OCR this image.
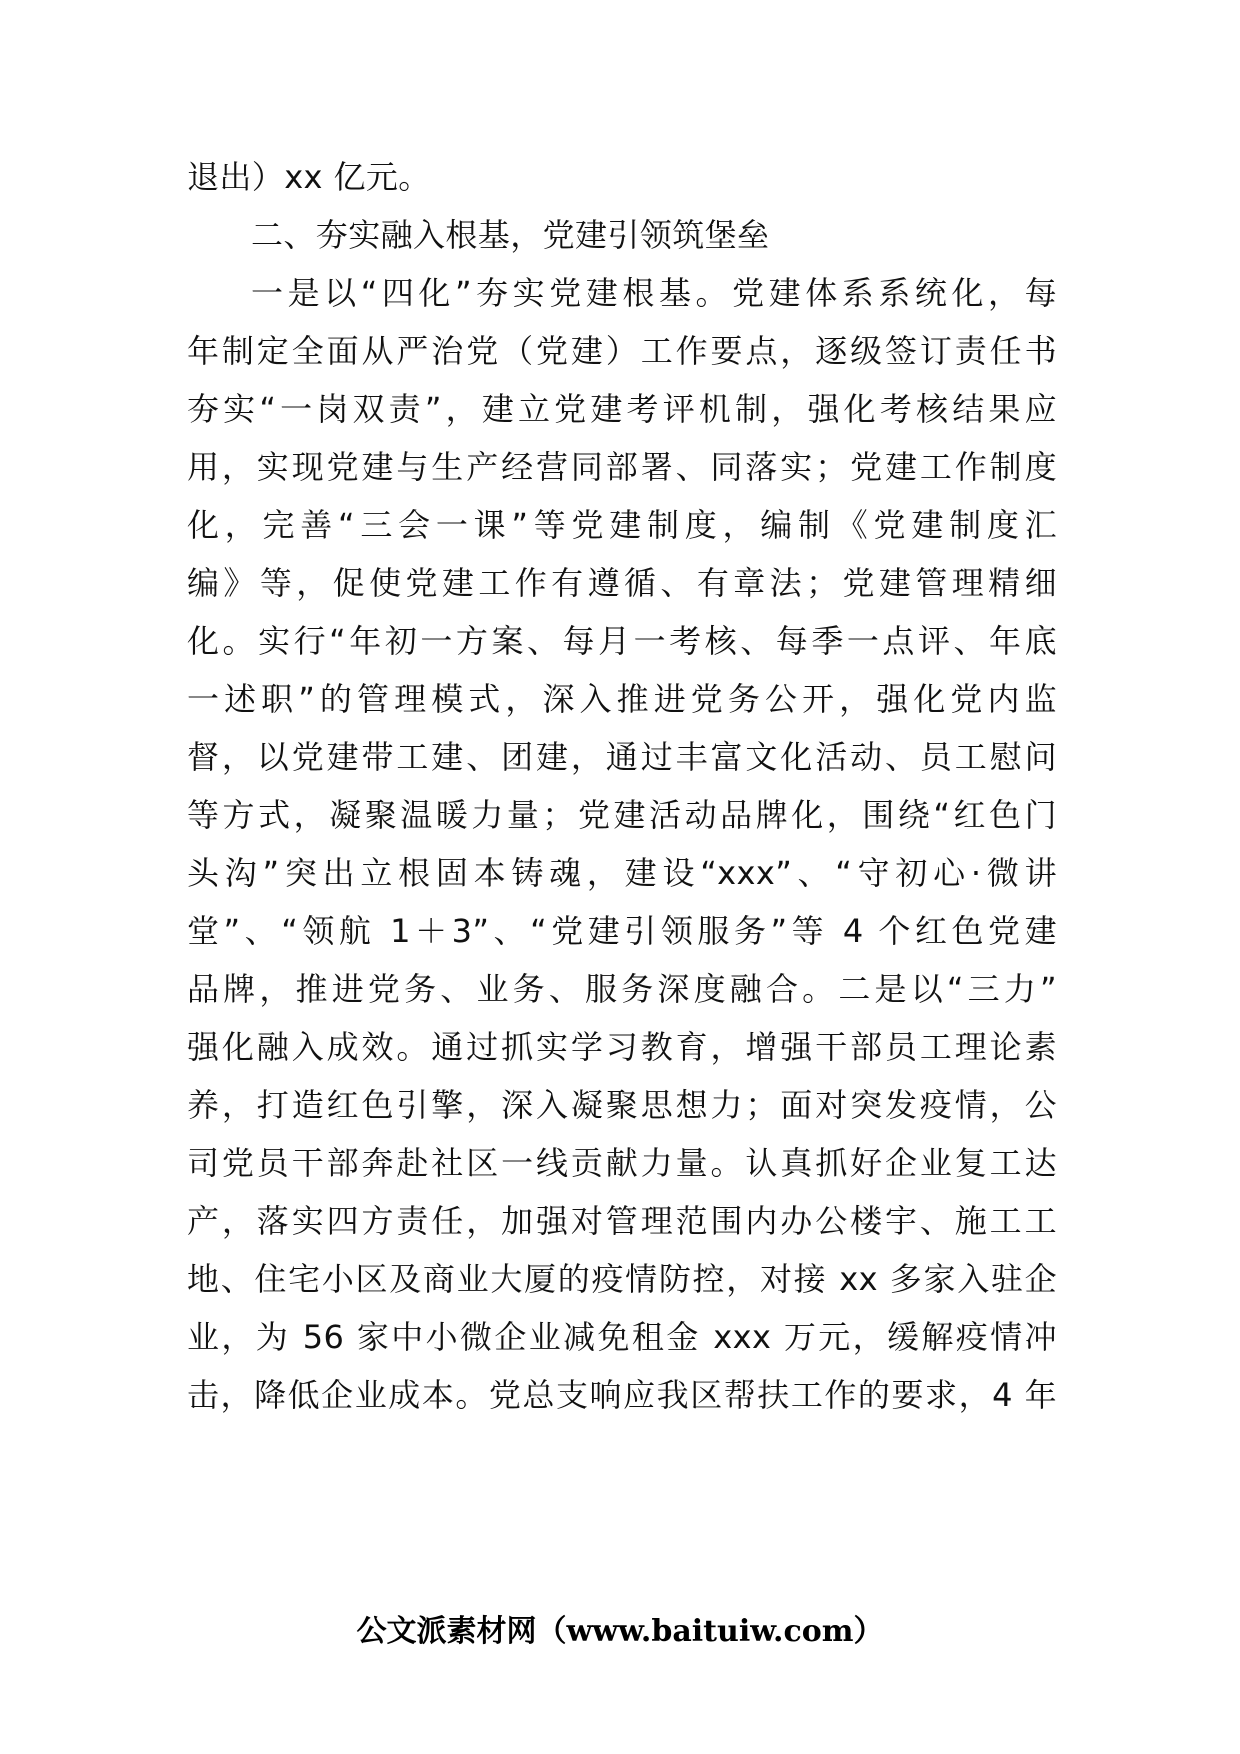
退出）xx 亿元。
二、夯实融入根基，党建引领筑堡垒
一是以“四化”夯实党建根基。党建体系系统化，每
年制定全面从严治党（党建）工作要点，逐级签订责任书
夯实“一岗双责”，建立党建考评机制，强化考核结果应
用，实现党建与生产经营同部署、同落实；党建工作制度
化，完善“三会一课”等党建制度，编制《党建制度汇
编》等，促使党建工作有遵循、有章法；党建管理精细
化。实行“年初一方案、每月一考核、每季一点评、年底
一述职”的管理模式，深入推进党务公开，强化党内监
督，以党建带工建、团建，通过丰富文化活动、员工慰问
等方式，凝聚温暖力量；党建活动品牌化，围绕“红色门
头沟”突出立根固本铸魂，建设“xxx”、“守初心·微讲
堂”、“领航 1＋3”、“党建引领服务”等 4 个红色党建
品牌，推进党务、业务、服务深度融合。二是以“三力”
强化融入成效。通过抓实学习教育，增强干部员工理论素
养，打造红色引擎，深入凝聚思想力；面对突发疫情，公
司党员干部奔赴社区一线贡献力量。认真抓好企业复工达
产，落实四方责任，加强对管理范围内办公楼宇、施工工
地、住宅小区及商业大厦的疫情防控，对接 xx 多家入驻企
业，为 56 家中小微企业减免租金 xxx 万元，缓解疫情冲
击，降低企业成本。党总支响应我区帮扶工作的要求，4 年
公文派素材网（www.baituiw.com）
